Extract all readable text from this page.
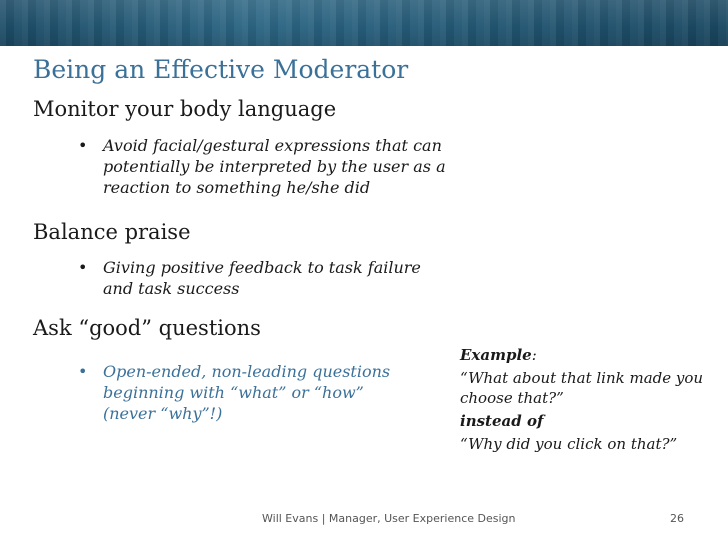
Being an Effective Moderator
Monitor your body language
• Avoid facial/gestural expressions that can potentially be interpreted by the user as a reaction to something he/she did
Balance praise
• Giving positive feedback to task failure and task success
Ask “good” questions
• Open-ended, non-leading questions beginning with “what” or “how” (never “why”!)
Example:
“What about that link made you choose that?”
instead of
“Why did you click on that?”
Will Evans | Manager, User Experience Design	26
